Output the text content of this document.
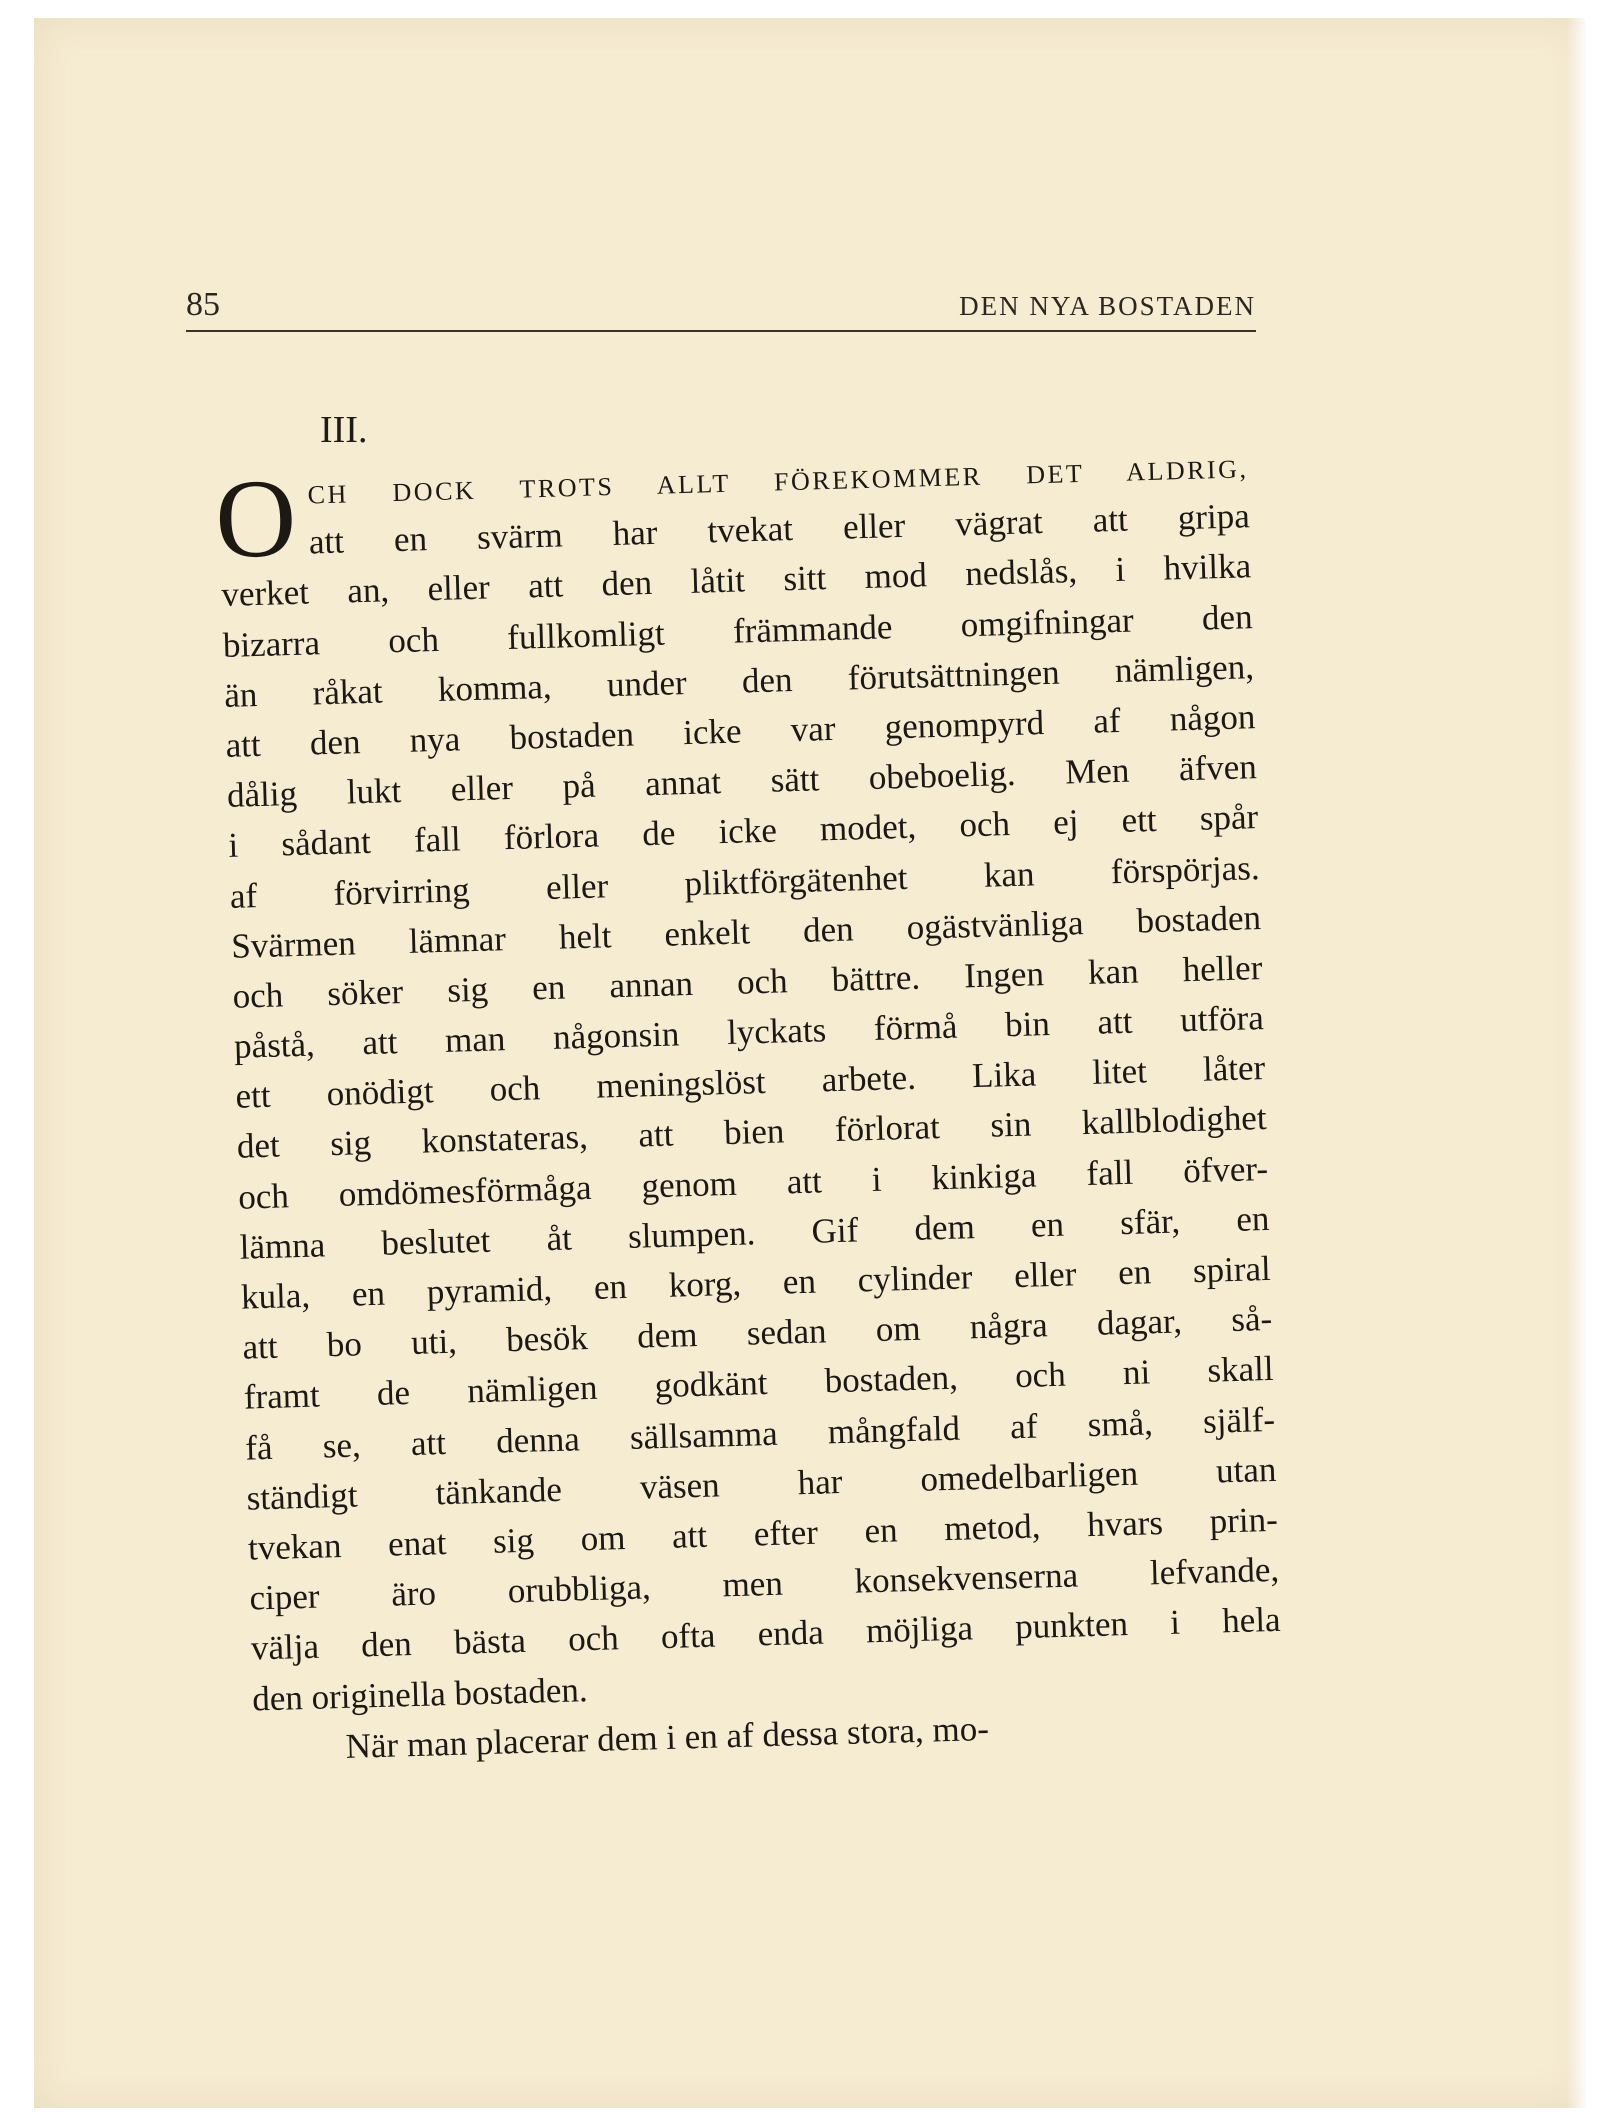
85	DEN NYA BOSTADEN
III.
O CH DOCK TROTS ALLT FÖREKOMMER DET ALDRIG,
att en svärm har tvekat eller vägrat att gripa
verket an, eller att den låtit sitt mod nedslås, i hvilka
bizarra och fullkomligt främmande omgifningar den
än råkat komma, under den förutsättningen nämligen,
att den nya bostaden icke var genompyrd af någon
dålig lukt eller på annat sätt obeboelig. Men äfven
i sådant fall förlora de icke modet, och ej ett spår
af förvirring eller pliktförgätenhet kan förspörjas.
Svärmen lämnar helt enkelt den ogästvänliga bostaden
och söker sig en annan och bättre. Ingen kan heller
påstå, att man någonsin lyckats förmå bin att utföra
ett onödigt och meningslöst arbete. Lika litet låter
det sig konstateras, att bien förlorat sin kallblodighet
och omdömesförmåga genom att i kinkiga fall öfver-
lämna beslutet åt slumpen. Gif dem en sfär, en
kula, en pyramid, en korg, en cylinder eller en spiral
att bo uti, besök dem sedan om några dagar, så-
framt de nämligen godkänt bostaden, och ni skall
få se, att denna sällsamma mångfald af små, själf-
ständigt tänkande väsen har omedelbarligen utan
tvekan enat sig om att efter en metod, hvars prin-
ciper äro orubbliga, men konsekvenserna lefvande,
välja den bästa och ofta enda möjliga punkten i hela
den originella bostaden.
När man placerar dem i en af dessa stora, mo-
